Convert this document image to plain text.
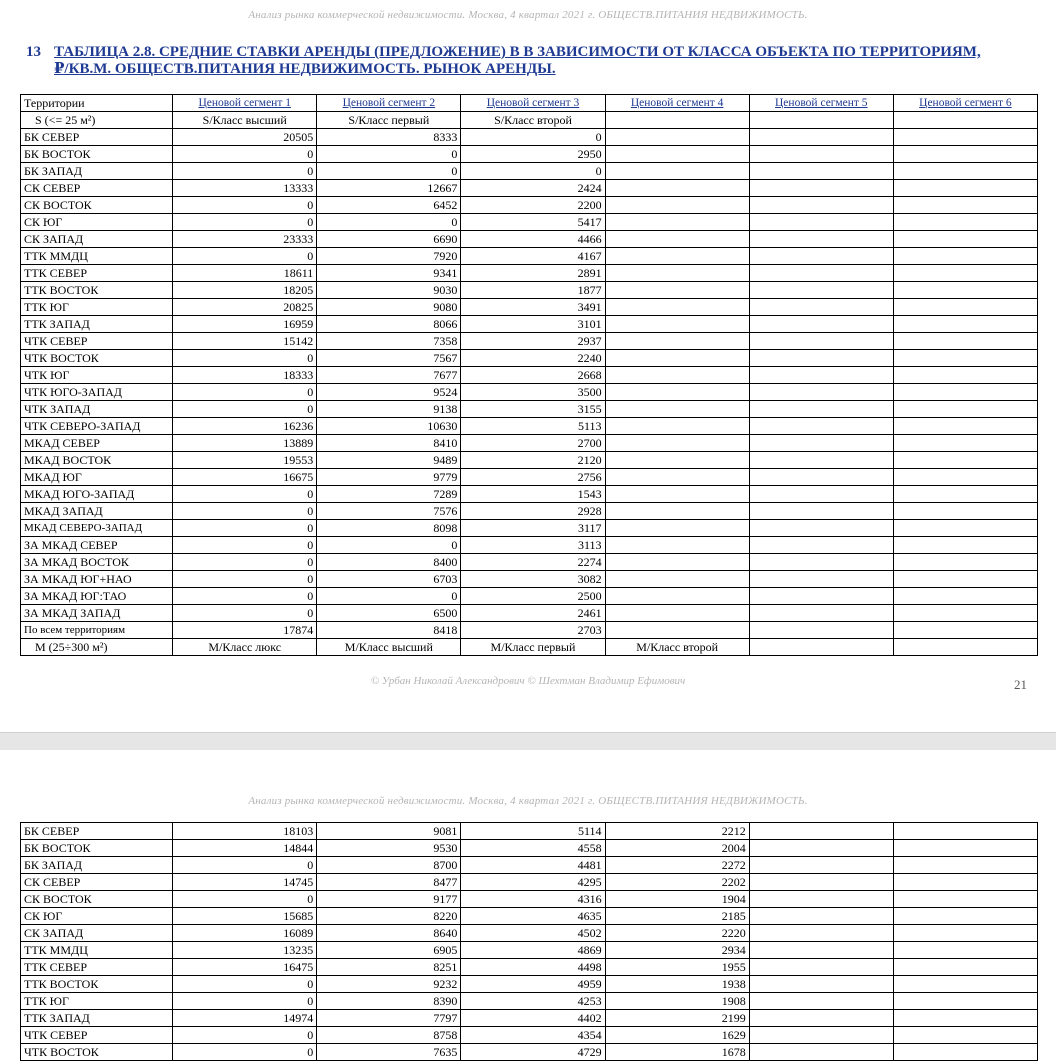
Анализ рынка коммерческой недвижимости. Москва, 4 квартал 2021 г. ОБЩЕСТВ.ПИТАНИЯ НЕДВИЖИМОСТЬ.
13 ТАБЛИЦА 2.8. СРЕДНИЕ СТАВКИ АРЕНДЫ (ПРЕДЛОЖЕНИЕ) В В ЗАВИСИМОСТИ ОТ КЛАССА ОБЪЕКТА ПО ТЕРРИТОРИЯМ,
₽/КВ.М. ОБЩЕСТВ.ПИТАНИЯ НЕДВИЖИМОСТЬ. РЫНОК АРЕНДЫ.
Территории	Ценовой сегмент 1	Ценовой сегмент 2	Ценовой сегмент 3	Ценовой сегмент 4	Ценовой сегмент 5	Ценовой сегмент 6
S (<= 25 м²)	S/Класс высший	S/Класс первый	S/Класс второй			
БК СЕВЕР	20505	8333	0			
БК ВОСТОК	0	0	2950			
БК ЗАПАД	0	0	0			
СК СЕВЕР	13333	12667	2424			
СК ВОСТОК	0	6452	2200			
СК ЮГ	0	0	5417			
СК ЗАПАД	23333	6690	4466			
ТТК ММДЦ	0	7920	4167			
ТТК СЕВЕР	18611	9341	2891			
ТТК ВОСТОК	18205	9030	1877			
ТТК ЮГ	20825	9080	3491			
ТТК ЗАПАД	16959	8066	3101			
ЧТК СЕВЕР	15142	7358	2937			
ЧТК ВОСТОК	0	7567	2240			
ЧТК ЮГ	18333	7677	2668			
ЧТК ЮГО-ЗАПАД	0	9524	3500			
ЧТК ЗАПАД	0	9138	3155			
ЧТК СЕВЕРО-ЗАПАД	16236	10630	5113			
МКАД СЕВЕР	13889	8410	2700			
МКАД ВОСТОК	19553	9489	2120			
МКАД ЮГ	16675	9779	2756			
МКАД ЮГО-ЗАПАД	0	7289	1543			
МКАД ЗАПАД	0	7576	2928			
МКАД СЕВЕРО-ЗАПАД	0	8098	3117			
ЗА МКАД СЕВЕР	0	0	3113			
ЗА МКАД ВОСТОК	0	8400	2274			
ЗА МКАД ЮГ+НАО	0	6703	3082			
ЗА МКАД ЮГ:ТАО	0	0	2500			
ЗА МКАД ЗАПАД	0	6500	2461			
По всем территориям	17874	8418	2703			
M (25÷300 м²)	M/Класс люкс	M/Класс высший	M/Класс первый	M/Класс второй		
© Урбан Николай Александрович © Шехтман Владимир Ефимович	21
Анализ рынка коммерческой недвижимости. Москва, 4 квартал 2021 г. ОБЩЕСТВ.ПИТАНИЯ НЕДВИЖИМОСТЬ.
БК СЕВЕР	18103	9081	5114	2212		
БК ВОСТОК	14844	9530	4558	2004		
БК ЗАПАД	0	8700	4481	2272		
СК СЕВЕР	14745	8477	4295	2202		
СК ВОСТОК	0	9177	4316	1904		
СК ЮГ	15685	8220	4635	2185		
СК ЗАПАД	16089	8640	4502	2220		
ТТК ММДЦ	13235	6905	4869	2934		
ТТК СЕВЕР	16475	8251	4498	1955		
ТТК ВОСТОК	0	9232	4959	1938		
ТТК ЮГ	0	8390	4253	1908		
ТТК ЗАПАД	14974	7797	4402	2199		
ЧТК СЕВЕР	0	8758	4354	1629		
ЧТК ВОСТОК	0	7635	4729	1678		
